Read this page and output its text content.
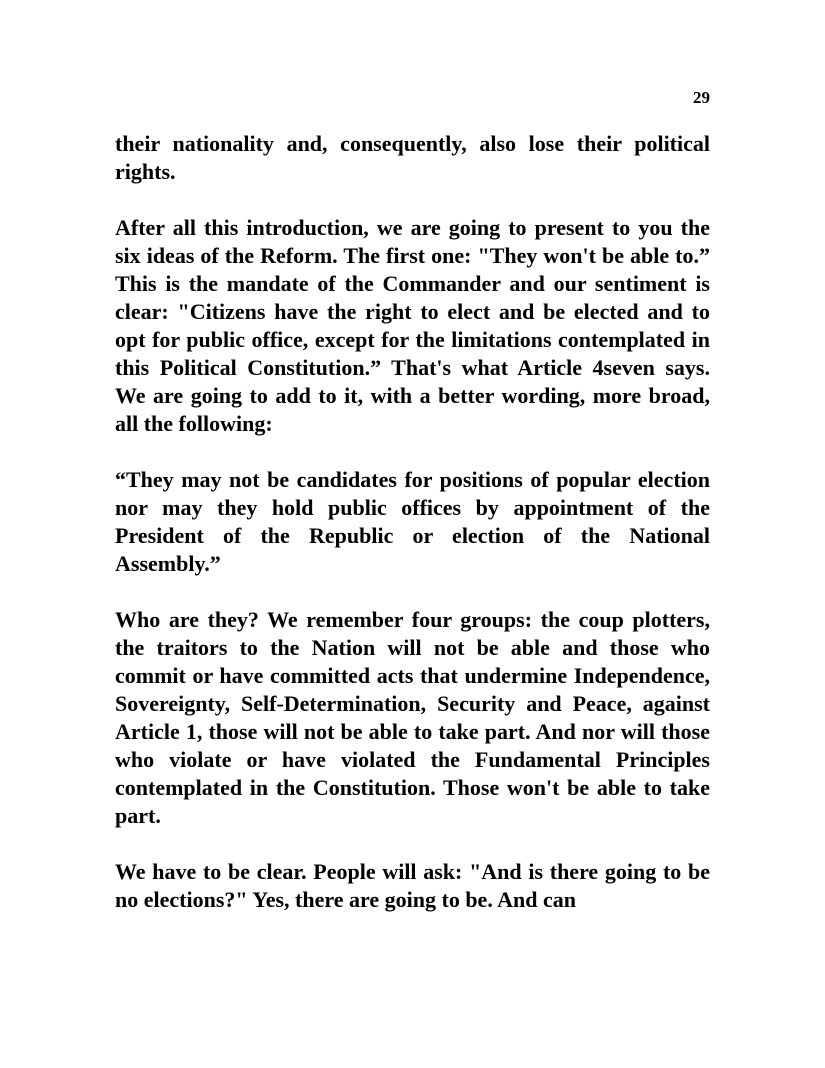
29

their nationality and, consequently, also lose their political rights.

After all this introduction, we are going to present to you the six ideas of the Reform. The first one: "They won't be able to.” This is the mandate of the Commander and our sentiment is clear: "Citizens have the right to elect and be elected and to opt for public office, except for the limitations contemplated in this Political Constitution.” That's what Article 4seven says. We are going to add to it, with a better wording, more broad, all the following:

“They may not be candidates for positions of popular election nor may they hold public offices by appointment of the President of the Republic or election of the National Assembly.”

Who are they? We remember four groups: the coup plotters, the traitors to the Nation will not be able and those who commit or have committed acts that undermine Independence, Sovereignty, Self-Determination, Security and Peace, against Article 1, those will not be able to take part. And nor will those who violate or have violated the Fundamental Principles contemplated in the Constitution. Those won't be able to take part.

We have to be clear. People will ask: "And is there going to be no elections?" Yes, there are going to be. And can
